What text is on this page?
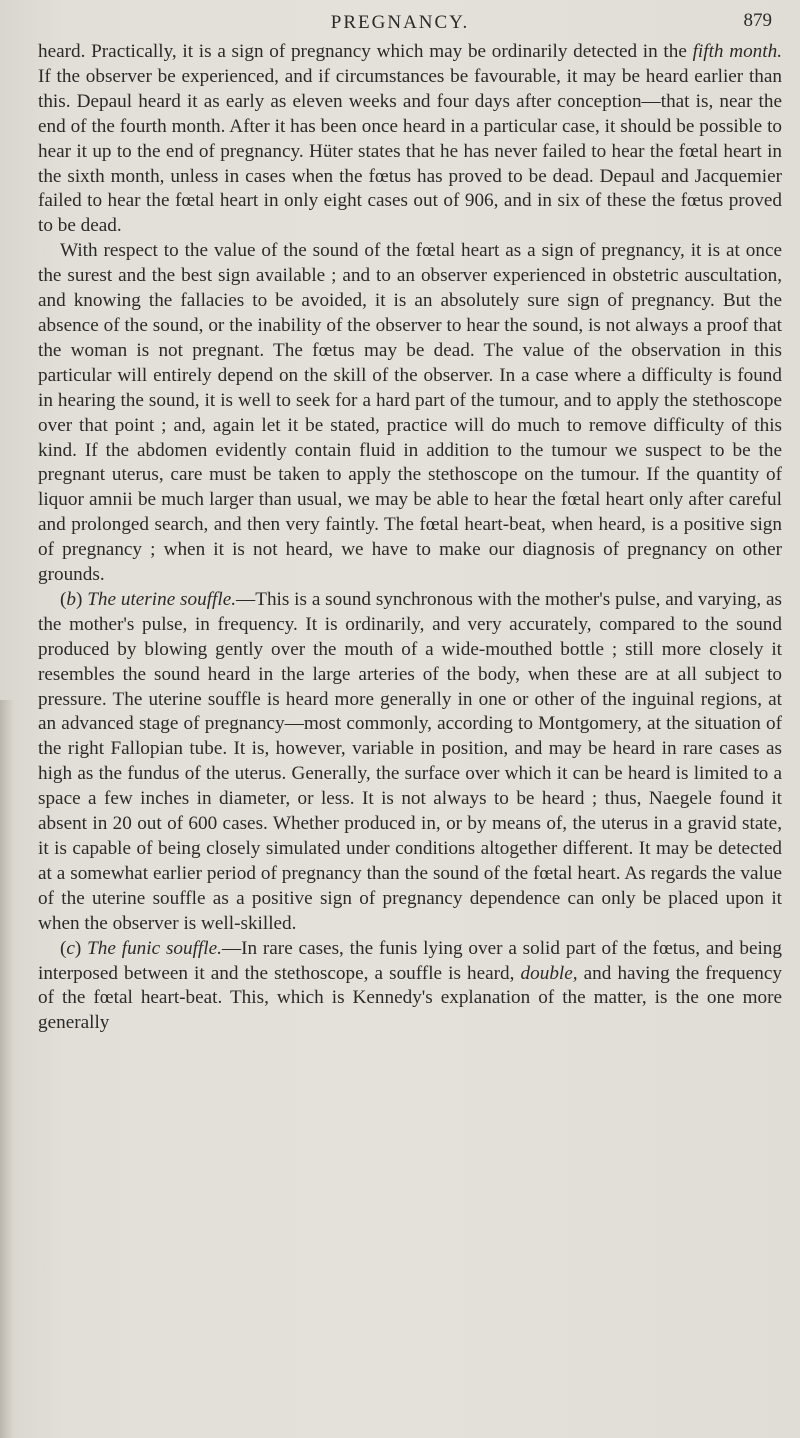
PREGNANCY.	879

heard. Practically, it is a sign of pregnancy which may be ordinarily detected in the fifth month. If the observer be experienced, and if circumstances be favourable, it may be heard earlier than this. Depaul heard it as early as eleven weeks and four days after conception—that is, near the end of the fourth month. After it has been once heard in a particular case, it should be possible to hear it up to the end of pregnancy. Hüter states that he has never failed to hear the fœtal heart in the sixth month, unless in cases when the fœtus has proved to be dead. Depaul and Jacquemier failed to hear the fœtal heart in only eight cases out of 906, and in six of these the fœtus proved to be dead.

With respect to the value of the sound of the fœtal heart as a sign of pregnancy, it is at once the surest and the best sign available ; and to an observer experienced in obstetric auscultation, and knowing the fallacies to be avoided, it is an absolutely sure sign of pregnancy. But the absence of the sound, or the inability of the observer to hear the sound, is not always a proof that the woman is not pregnant. The fœtus may be dead. The value of the observation in this particular will entirely depend on the skill of the observer. In a case where a difficulty is found in hearing the sound, it is well to seek for a hard part of the tumour, and to apply the stethoscope over that point ; and, again let it be stated, practice will do much to remove difficulty of this kind. If the abdomen evidently contain fluid in addition to the tumour we suspect to be the pregnant uterus, care must be taken to apply the stethoscope on the tumour. If the quantity of liquor amnii be much larger than usual, we may be able to hear the fœtal heart only after careful and prolonged search, and then very faintly. The fœtal heart-beat, when heard, is a positive sign of pregnancy ; when it is not heard, we have to make our diagnosis of pregnancy on other grounds.

(b) The uterine souffle.—This is a sound synchronous with the mother's pulse, and varying, as the mother's pulse, in frequency. It is ordinarily, and very accurately, compared to the sound produced by blowing gently over the mouth of a wide-mouthed bottle ; still more closely it resembles the sound heard in the large arteries of the body, when these are at all subject to pressure. The uterine souffle is heard more generally in one or other of the inguinal regions, at an advanced stage of pregnancy—most commonly, according to Montgomery, at the situation of the right Fallopian tube. It is, however, variable in position, and may be heard in rare cases as high as the fundus of the uterus. Generally, the surface over which it can be heard is limited to a space a few inches in diameter, or less. It is not always to be heard ; thus, Naegele found it absent in 20 out of 600 cases. Whether produced in, or by means of, the uterus in a gravid state, it is capable of being closely simulated under conditions altogether different. It may be detected at a somewhat earlier period of pregnancy than the sound of the fœtal heart. As regards the value of the uterine souffle as a positive sign of pregnancy dependence can only be placed upon it when the observer is well-skilled.

(c) The funic souffle.—In rare cases, the funis lying over a solid part of the fœtus, and being interposed between it and the stethoscope, a souffle is heard, double, and having the frequency of the fœtal heart-beat. This, which is Kennedy's explanation of the matter, is the one more generally
